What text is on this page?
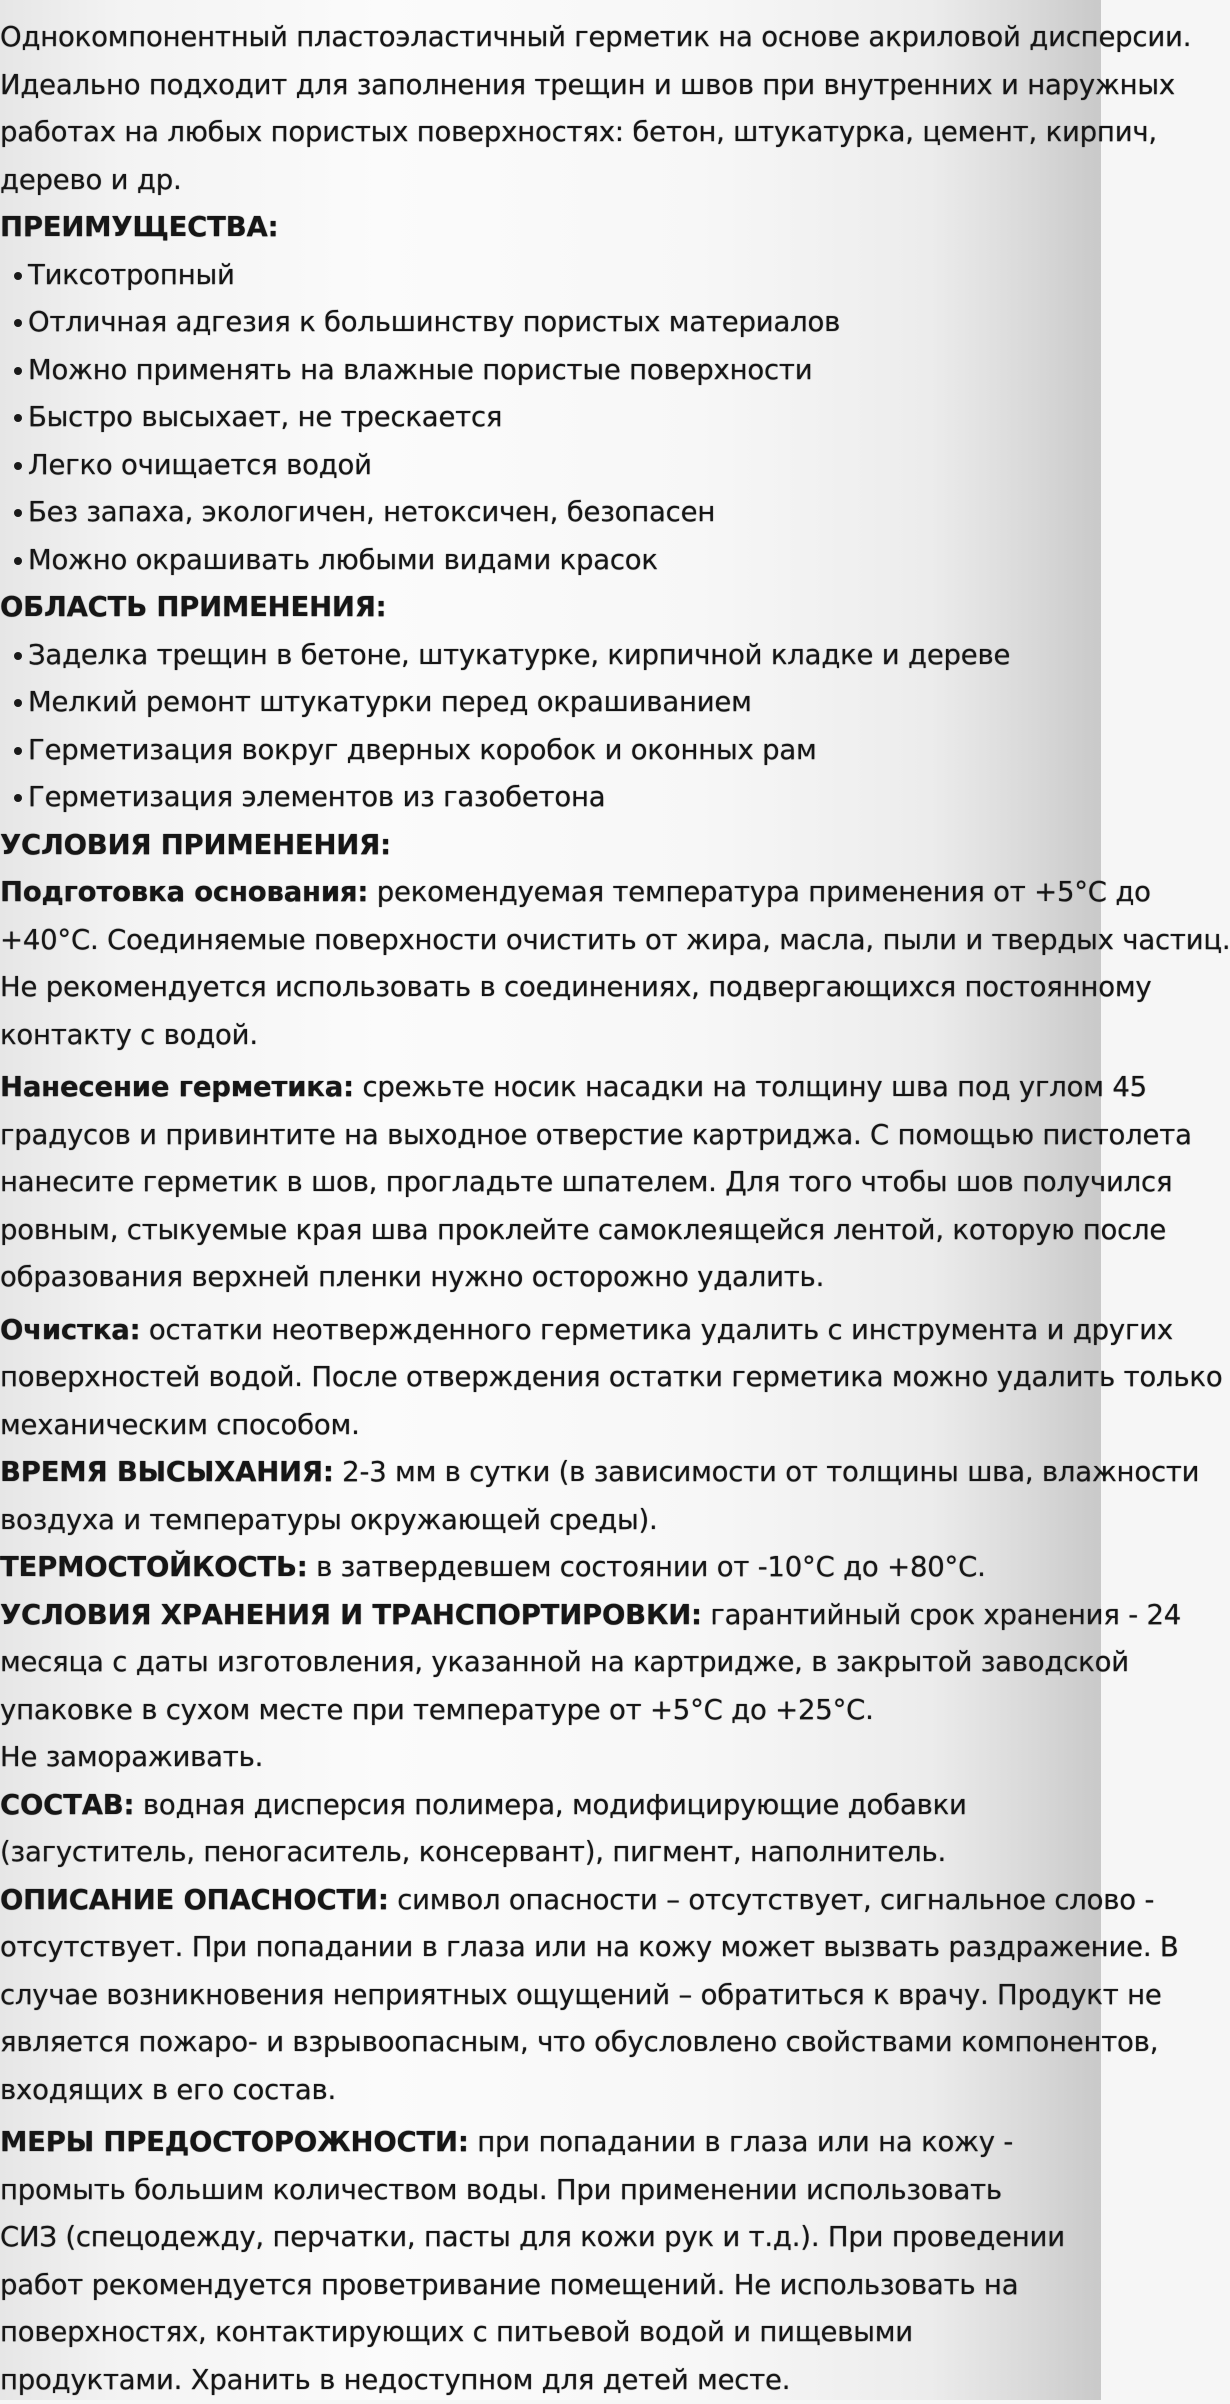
Однокомпонентный пластоэластичный герметик на основе акриловой дисперсии.
Идеально подходит для заполнения трещин и швов при внутренних и наружных
работах на любых пористых поверхностях: бетон, штукатурка, цемент, кирпич,
дерево и др.
ПРЕИМУЩЕСТВА:
Тиксотропный
Отличная адгезия к большинству пористых материалов
Можно применять на влажные пористые поверхности
Быстро высыхает, не трескается
Легко очищается водой
Без запаха, экологичен, нетоксичен, безопасен
Можно окрашивать любыми видами красок
ОБЛАСТЬ ПРИМЕНЕНИЯ:
Заделка трещин в бетоне, штукатурке, кирпичной кладке и дереве
Мелкий ремонт штукатурки перед окрашиванием
Герметизация вокруг дверных коробок и оконных рам
Герметизация элементов из газобетона
УСЛОВИЯ ПРИМЕНЕНИЯ:
Подготовка основания: рекомендуемая температура применения от +5°С до
+40°С. Соединяемые поверхности очистить от жира, масла, пыли и твердых частиц.
Не рекомендуется использовать в соединениях, подвергающихся постоянному
контакту с водой.
Нанесение герметика: срежьте носик насадки на толщину шва под углом 45
градусов и привинтите на выходное отверстие картриджа. С помощью пистолета
нанесите герметик в шов, прогладьте шпателем. Для того чтобы шов получился
ровным, стыкуемые края шва проклейте самоклеящейся лентой, которую после
образования верхней пленки нужно осторожно удалить.
Очистка: остатки неотвержденного герметика удалить с инструмента и других
поверхностей водой. После отверждения остатки герметика можно удалить только
механическим способом.
ВРЕМЯ ВЫСЫХАНИЯ: 2-3 мм в сутки (в зависимости от толщины шва, влажности
воздуха и температуры окружающей среды).
ТЕРМОСТОЙКОСТЬ: в затвердевшем состоянии от -10°С до +80°С.
УСЛОВИЯ ХРАНЕНИЯ И ТРАНСПОРТИРОВКИ: гарантийный срок хранения - 24
месяца с даты изготовления, указанной на картридже, в закрытой заводской
упаковке в сухом месте при температуре от +5°С до +25°С.
Не замораживать.
СОСТАВ: водная дисперсия полимера, модифицирующие добавки
(загуститель, пеногаситель, консервант), пигмент, наполнитель.
ОПИСАНИЕ ОПАСНОСТИ: символ опасности – отсутствует, сигнальное слово -
отсутствует. При попадании в глаза или на кожу может вызвать раздражение. В
случае возникновения неприятных ощущений – обратиться к врачу. Продукт не
является пожаро- и взрывоопасным, что обусловлено свойствами компонентов,
входящих в его состав.
МЕРЫ ПРЕДОСТОРОЖНОСТИ: при попадании в глаза или на кожу -
промыть большим количеством воды. При применении использовать
СИЗ (спецодежду, перчатки, пасты для кожи рук и т.д.). При проведении
работ рекомендуется проветривание помещений. Не использовать на
поверхностях, контактирующих с питьевой водой и пищевыми
продуктами. Хранить в недоступном для детей месте.
